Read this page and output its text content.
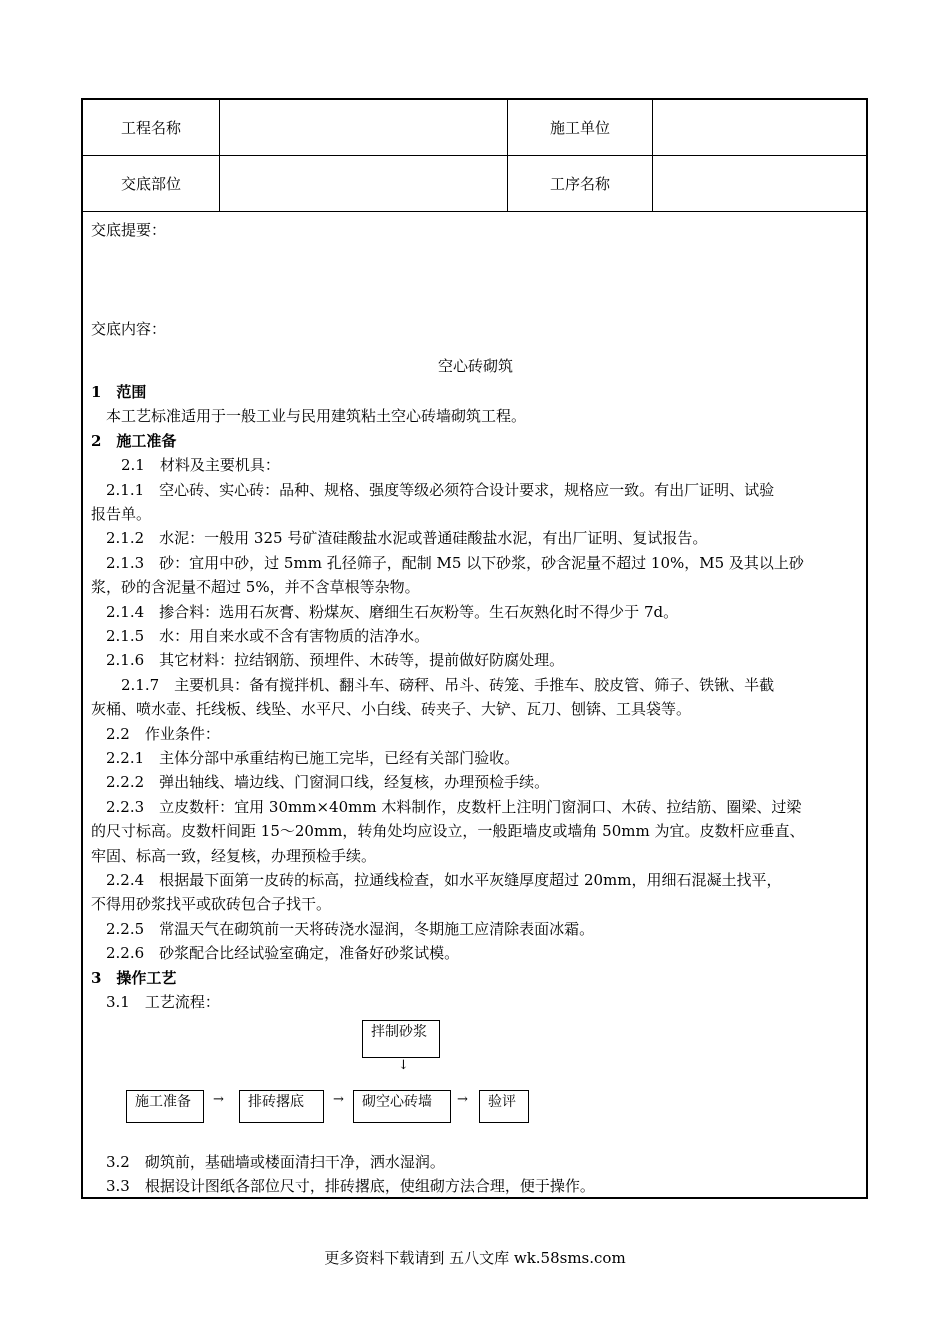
工程名称	施工单位
交底部位	工序名称
交底提要：
交底内容：
空心砖砌筑
1　范围
　本工艺标准适用于一般工业与民用建筑粘土空心砖墙砌筑工程。
2　施工准备
　　2.1　材料及主要机具：
　2.1.1　空心砖、实心砖：品种、规格、强度等级必须符合设计要求，规格应一致。有出厂证明、试验
报告单。
　2.1.2　水泥：一般用 325 号矿渣硅酸盐水泥或普通硅酸盐水泥，有出厂证明、复试报告。
　2.1.3　砂：宜用中砂，过 5mm 孔径筛子，配制 M5 以下砂浆，砂含泥量不超过 10%，M5 及其以上砂
浆，砂的含泥量不超过 5%，并不含草根等杂物。
　2.1.4　掺合料：选用石灰膏、粉煤灰、磨细生石灰粉等。生石灰熟化时不得少于 7d。
　2.1.5　水：用自来水或不含有害物质的洁净水。
　2.1.6　其它材料：拉结钢筋、预埋件、木砖等，提前做好防腐处理。
　　2.1.7　主要机具：备有搅拌机、翻斗车、磅秤、吊斗、砖笼、手推车、胶皮管、筛子、铁锹、半截
灰桶、喷水壶、托线板、线坠、水平尺、小白线、砖夹子、大铲、瓦刀、刨锛、工具袋等。
　2.2　作业条件：
　2.2.1　主体分部中承重结构已施工完毕，已经有关部门验收。
　2.2.2　弹出轴线、墙边线、门窗洞口线，经复核，办理预检手续。
　2.2.3　立皮数杆：宜用 30mm×40mm 木料制作，皮数杆上注明门窗洞口、木砖、拉结筋、圈梁、过梁
的尺寸标高。皮数杆间距 15～20mm，转角处均应设立，一般距墙皮或墙角 50mm 为宜。皮数杆应垂直、
牢固、标高一致，经复核，办理预检手续。
　2.2.4　根据最下面第一皮砖的标高，拉通线检查，如水平灰缝厚度超过 20mm，用细石混凝土找平，
不得用砂浆找平或砍砖包合子找干。
　2.2.5　常温天气在砌筑前一天将砖浇水湿润，冬期施工应清除表面冰霜。
　2.2.6　砂浆配合比经试验室确定，准备好砂浆试模。
3　操作工艺
　3.1　工艺流程：
拌制砂浆
↓
施工准备	→	排砖撂底	→	砌空心砖墙	→	验评
　3.2　砌筑前，基础墙或楼面清扫干净，洒水湿润。
　3.3　根据设计图纸各部位尺寸，排砖撂底，使组砌方法合理，便于操作。
更多资料下载请到 五八文库 wk.58sms.com
